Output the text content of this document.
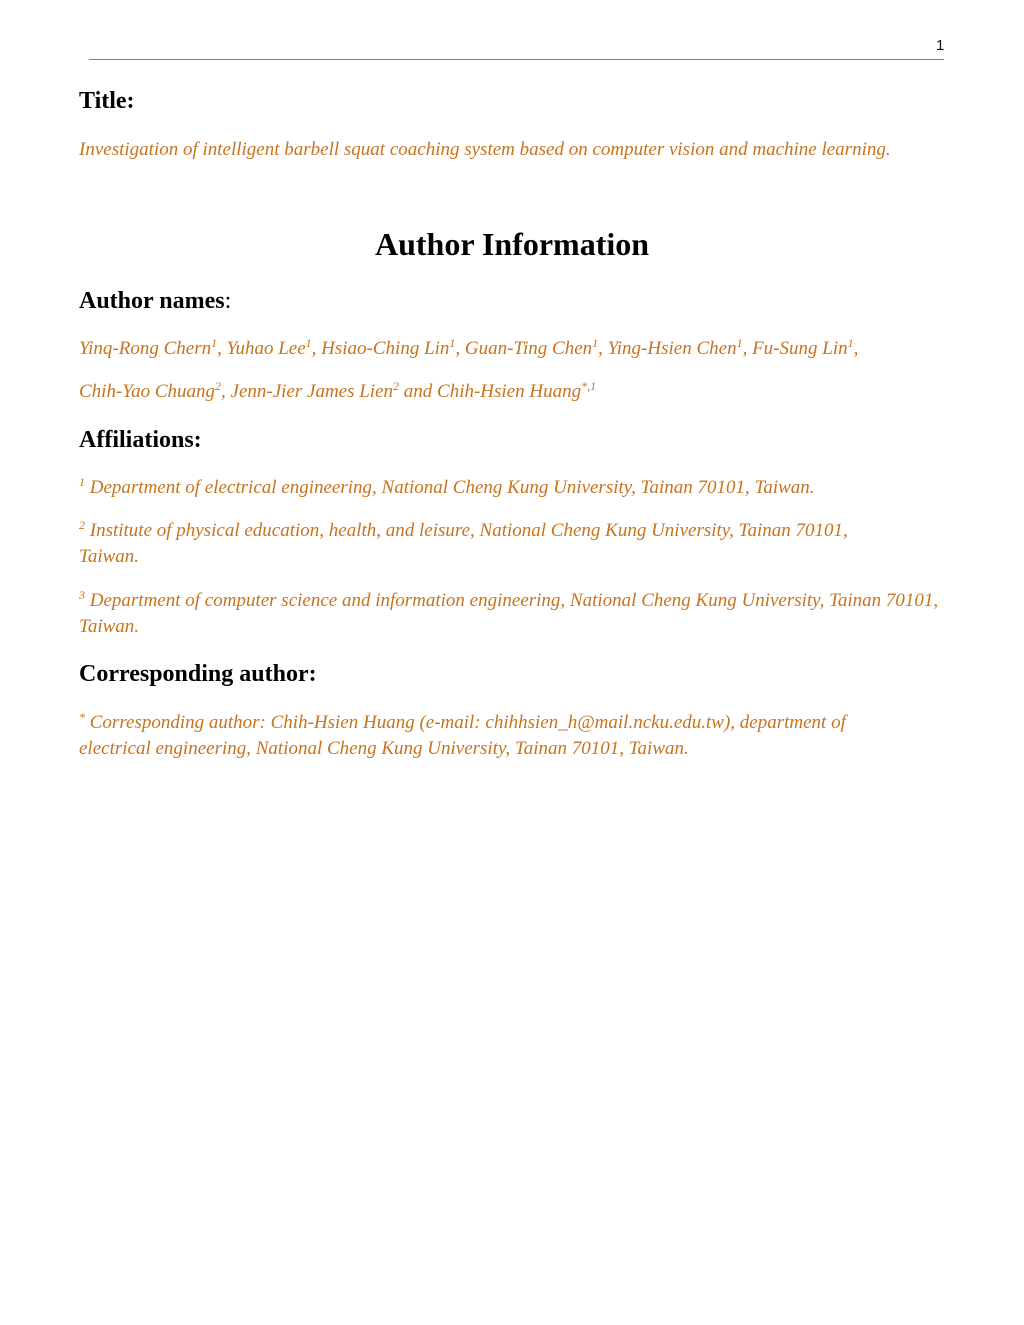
1
Title:

Investigation of intelligent barbell squat coaching system based on computer vision and machine learning.

Author Information
Author names:

Yinq-Rong Chern$^1$, Yuhao Lee$^1$, Hsiao-Ching Lin$^1$, Guan-Ting Chen$^1$, Ying-Hsien Chen$^1$, Fu-Sung Lin$^1$,

Chih-Yao Chuang$^2$, Jenn-Jier James Lien$^2$ and Chih-Hsien Huang$^{*,1}$

Affiliations:

$^1$ Department of electrical engineering, National Cheng Kung University, Tainan 70101, Taiwan.

$^2$ Institute of physical education, health, and leisure, National Cheng Kung University, Tainan 70101, Taiwan.

$^3$ Department of computer science and information engineering, National Cheng Kung University, Tainan 70101, Taiwan.

Corresponding author:

* Corresponding author: Chih-Hsien Huang (e-mail: chihhsien_h@mail.ncku.edu.tw), department of electrical engineering, National Cheng Kung University, Tainan 70101, Taiwan.
